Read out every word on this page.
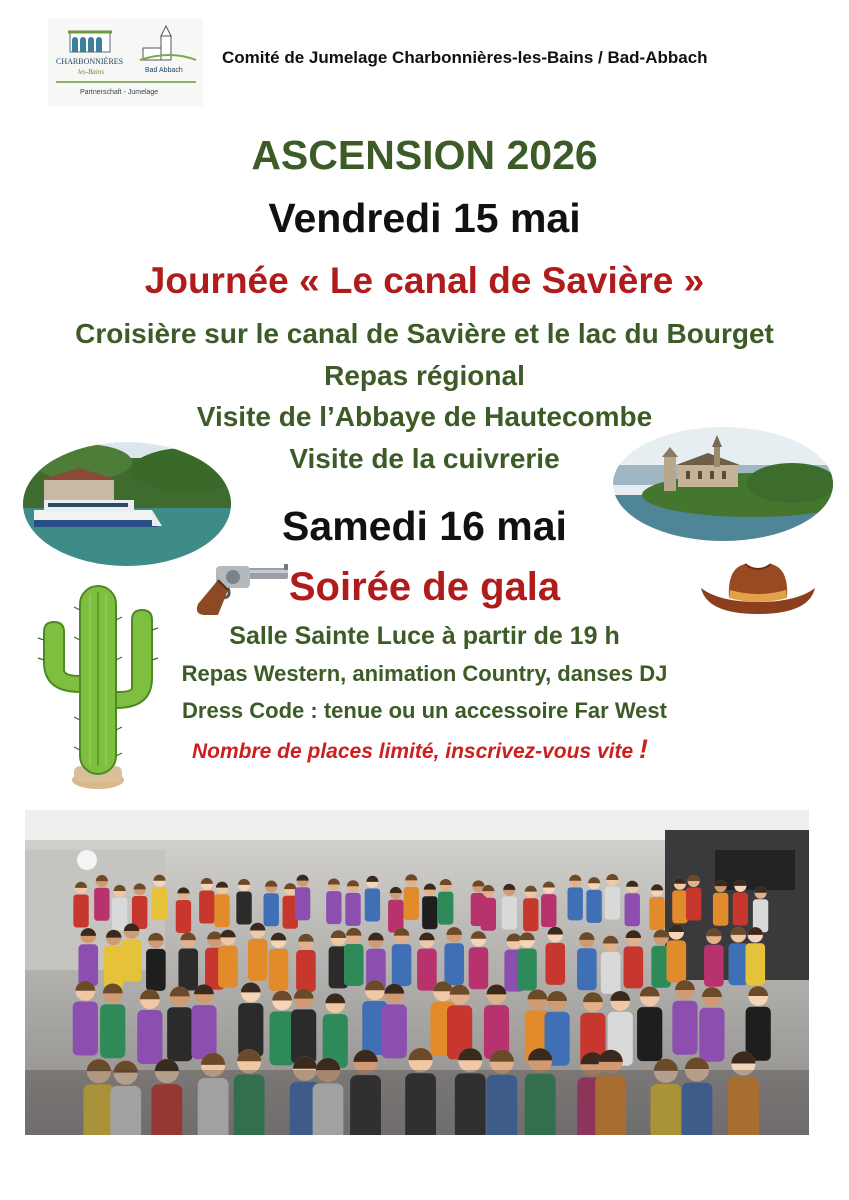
CHARBONNIÈRES
les-Bains	Bad Abbach
Partnerschaft - Jumelage
Comité de Jumelage Charbonnières-les-Bains / Bad-Abbach
ASCENSION 2026
Vendredi 15 mai
Journée « Le canal de Savière »
Croisière sur le canal de Savière et le lac du Bourget
Repas régional
Visite de l’Abbaye de Hautecombe
Visite de la cuivrerie
Samedi 16 mai
Soirée de gala
Salle Sainte Luce à partir de 19 h
Repas Western, animation Country, danses DJ
Dress Code : tenue ou un accessoire Far West
Nombre de places limité, inscrivez-vous vite !
